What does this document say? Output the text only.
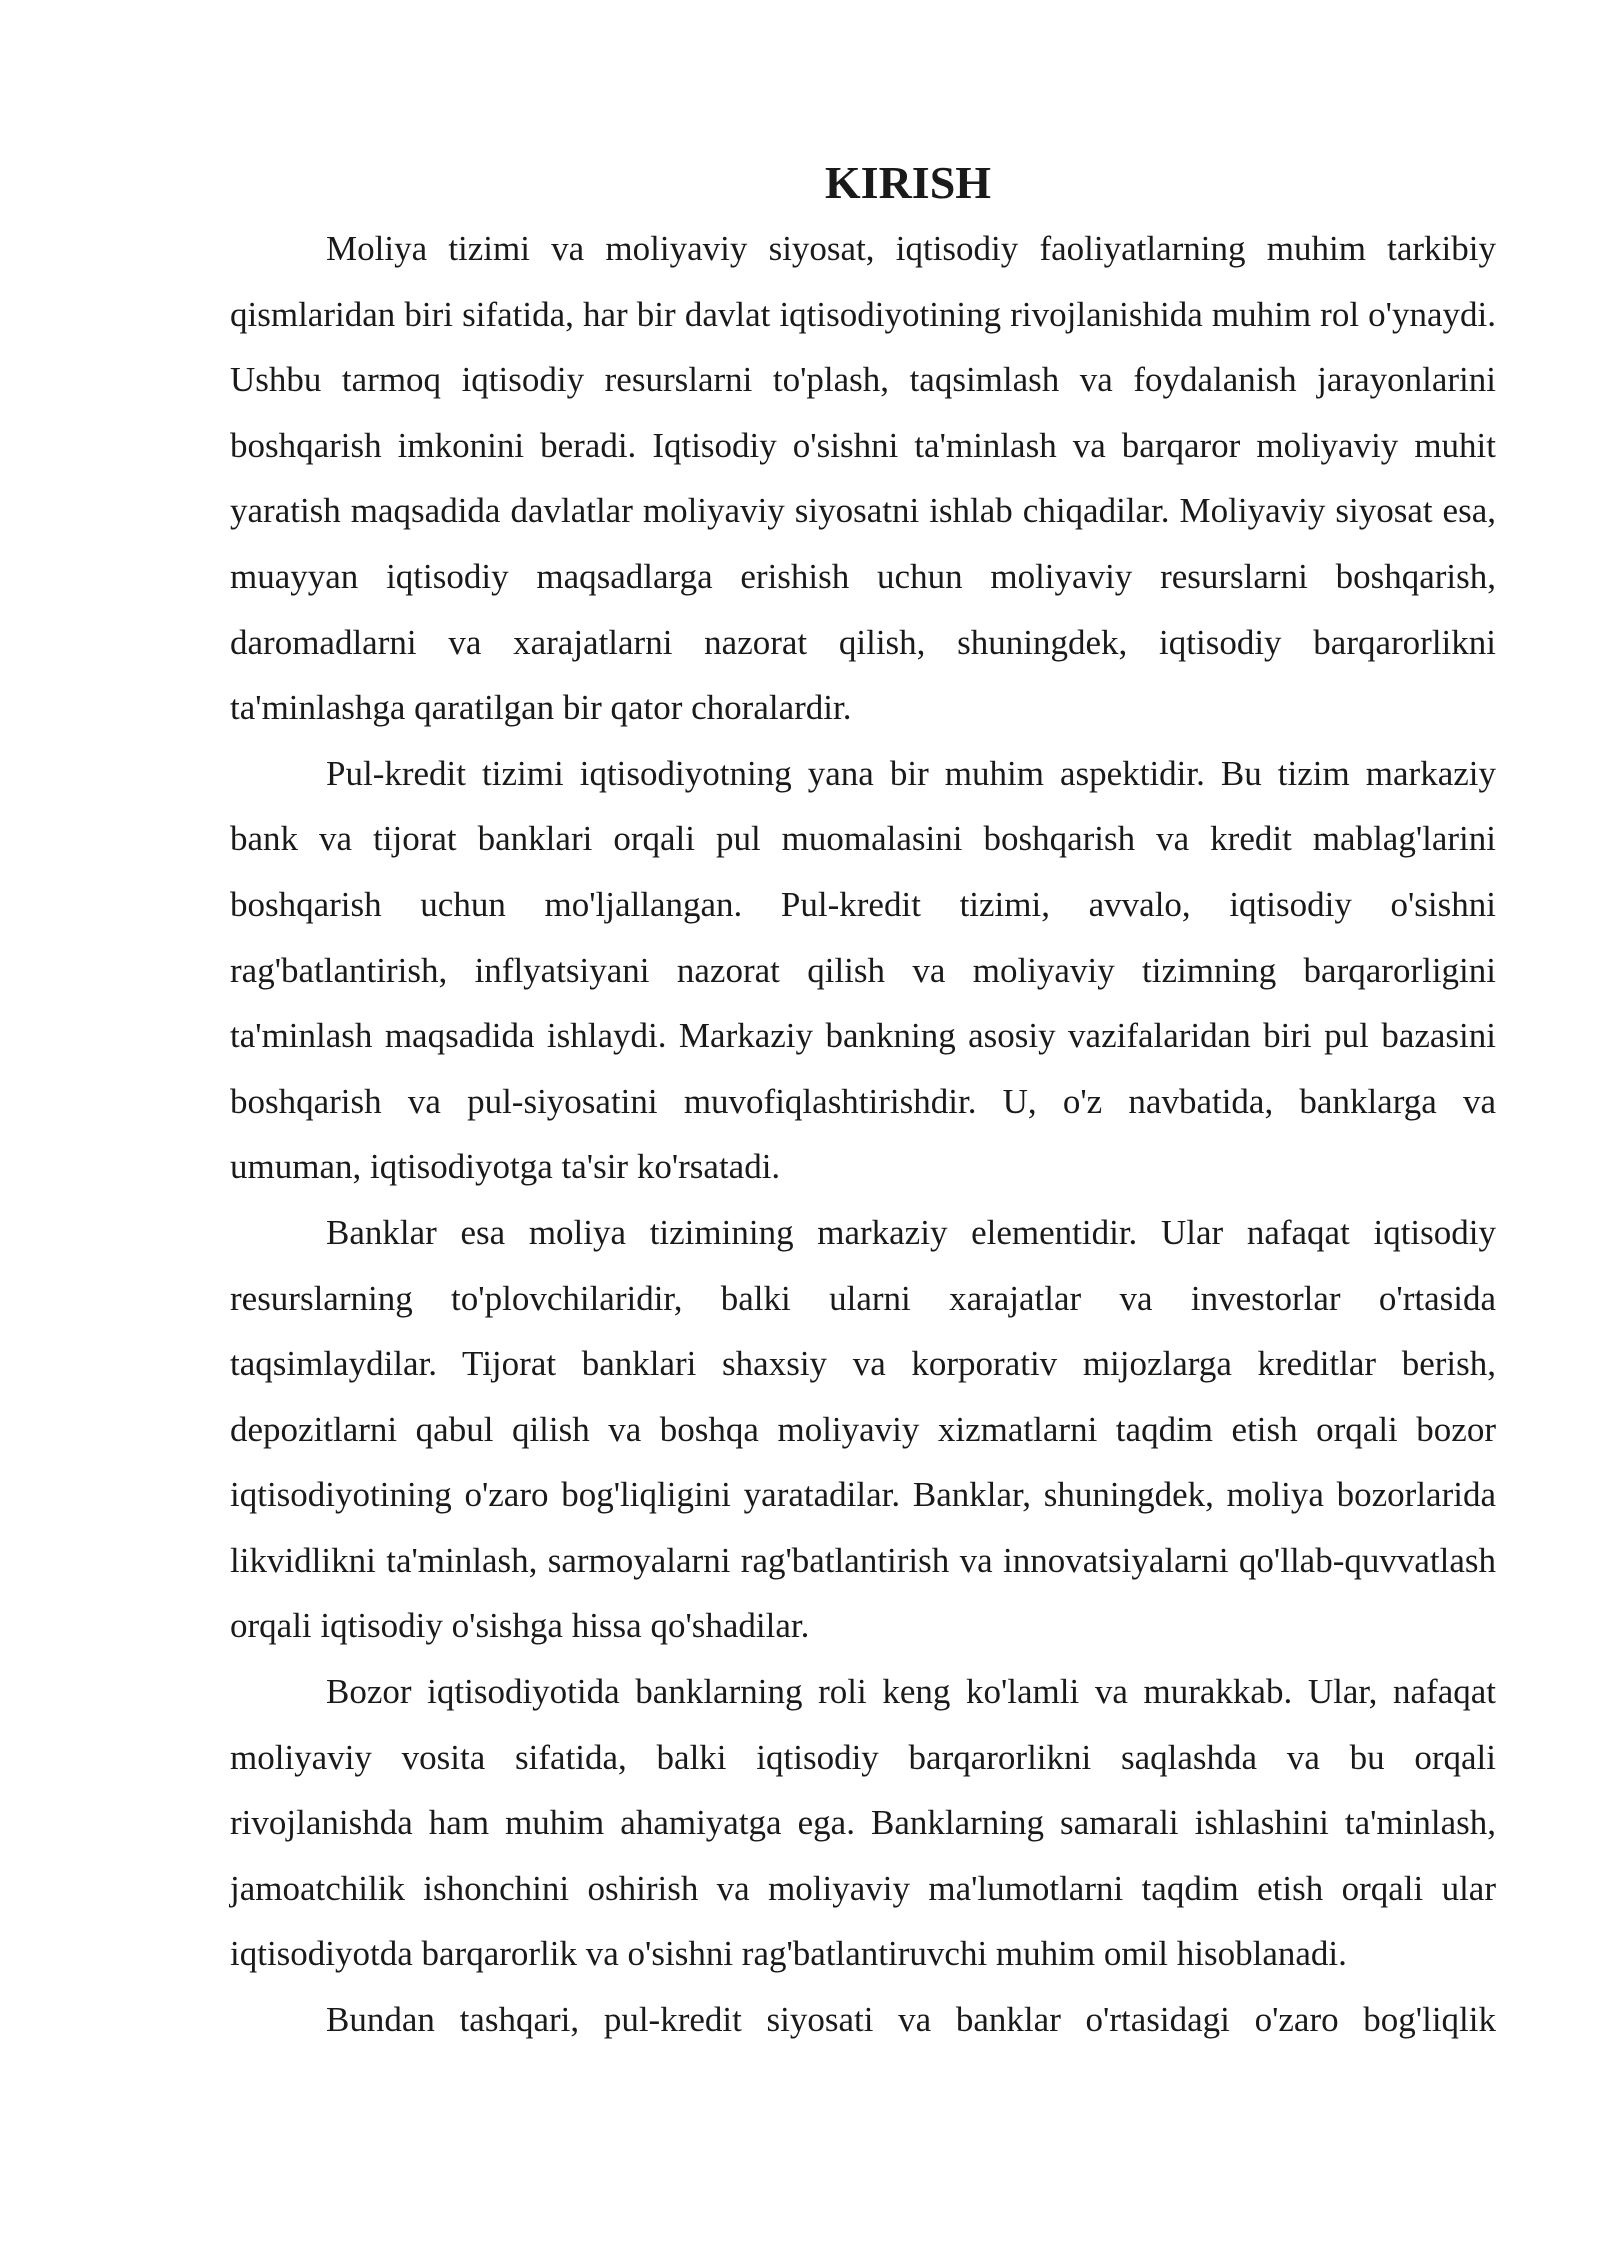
KIRISH

Moliya tizimi va moliyaviy siyosat, iqtisodiy faoliyatlarning muhim tarkibiy qismlaridan biri sifatida, har bir davlat iqtisodiyotining rivojlanishida muhim rol o'ynaydi. Ushbu tarmoq iqtisodiy resurslarni to'plash, taqsimlash va foydalanish jarayonlarini boshqarish imkonini beradi. Iqtisodiy o'sishni ta'minlash va barqaror moliyaviy muhit yaratish maqsadida davlatlar moliyaviy siyosatni ishlab chiqadilar. Moliyaviy siyosat esa, muayyan iqtisodiy maqsadlarga erishish uchun moliyaviy resurslarni boshqarish, daromadlarni va xarajatlarni nazorat qilish, shuningdek, iqtisodiy barqarorlikni ta'minlashga qaratilgan bir qator choralardir.

Pul-kredit tizimi iqtisodiyotning yana bir muhim aspektidir. Bu tizim markaziy bank va tijorat banklari orqali pul muomalasini boshqarish va kredit mablag'larini boshqarish uchun mo'ljallangan. Pul-kredit tizimi, avvalo, iqtisodiy o'sishni rag'batlantirish, inflyatsiyani nazorat qilish va moliyaviy tizimning barqarorligini ta'minlash maqsadida ishlaydi. Markaziy bankning asosiy vazifalaridan biri pul bazasini boshqarish va pul-siyosatini muvofiqlashtirishdir. U, o'z navbatida, banklarga va umuman, iqtisodiyotga ta'sir ko'rsatadi.

Banklar esa moliya tizimining markaziy elementidir. Ular nafaqat iqtisodiy resurslarning to'plovchilaridir, balki ularni xarajatlar va investorlar o'rtasida taqsimlaydilar. Tijorat banklari shaxsiy va korporativ mijozlarga kreditlar berish, depozitlarni qabul qilish va boshqa moliyaviy xizmatlarni taqdim etish orqali bozor iqtisodiyotining o'zaro bog'liqligini yaratadilar. Banklar, shuningdek, moliya bozorlarida likvidlikni ta'minlash, sarmoyalarni rag'batlantirish va innovatsiyalarni qo'llab-quvvatlash orqali iqtisodiy o'sishga hissa qo'shadilar.

Bozor iqtisodiyotida banklarning roli keng ko'lamli va murakkab. Ular, nafaqat moliyaviy vosita sifatida, balki iqtisodiy barqarorlikni saqlashda va bu orqali rivojlanishda ham muhim ahamiyatga ega. Banklarning samarali ishlashini ta'minlash, jamoatchilik ishonchini oshirish va moliyaviy ma'lumotlarni taqdim etish orqali ular iqtisodiyotda barqarorlik va o'sishni rag'batlantiruvchi muhim omil hisoblanadi.

Bundan tashqari, pul-kredit siyosati va banklar o'rtasidagi o'zaro bog'liqlik
